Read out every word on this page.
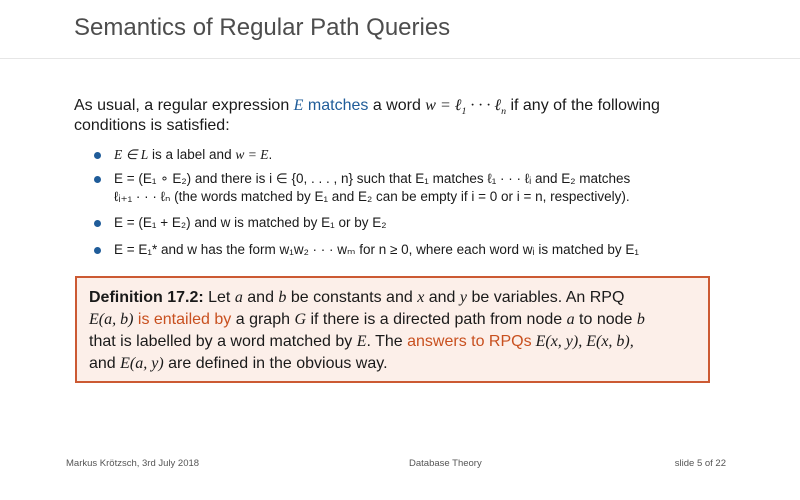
Semantics of Regular Path Queries
As usual, a regular expression E matches a word w = ℓ$_1$ · · · ℓ$_n$ if any of the following conditions is satisfied:
E ∈ L is a label and w = E.
E = (E₁ ∘ E₂) and there is i ∈ {0, . . . , n} such that E₁ matches ℓ₁ · · · ℓᵢ and E₂ matches
ℓᵢ₊₁ · · · ℓₙ (the words matched by E₁ and E₂ can be empty if i = 0 or i = n, respectively).
E = (E₁ + E₂) and w is matched by E₁ or by E₂
E = E₁* and w has the form w₁w₂ · · · wₘ for n ≥ 0, where each word wᵢ is matched by E₁
Definition 17.2: Let a and b be constants and x and y be variables. An RPQ
E(a, b) is entailed by a graph G if there is a directed path from node a to node b
that is labelled by a word matched by E. The answers to RPQs E(x, y), E(x, b),
and E(a, y) are defined in the obvious way.
Markus Krötzsch, 3rd July 2018	Database Theory	slide 5 of 22
